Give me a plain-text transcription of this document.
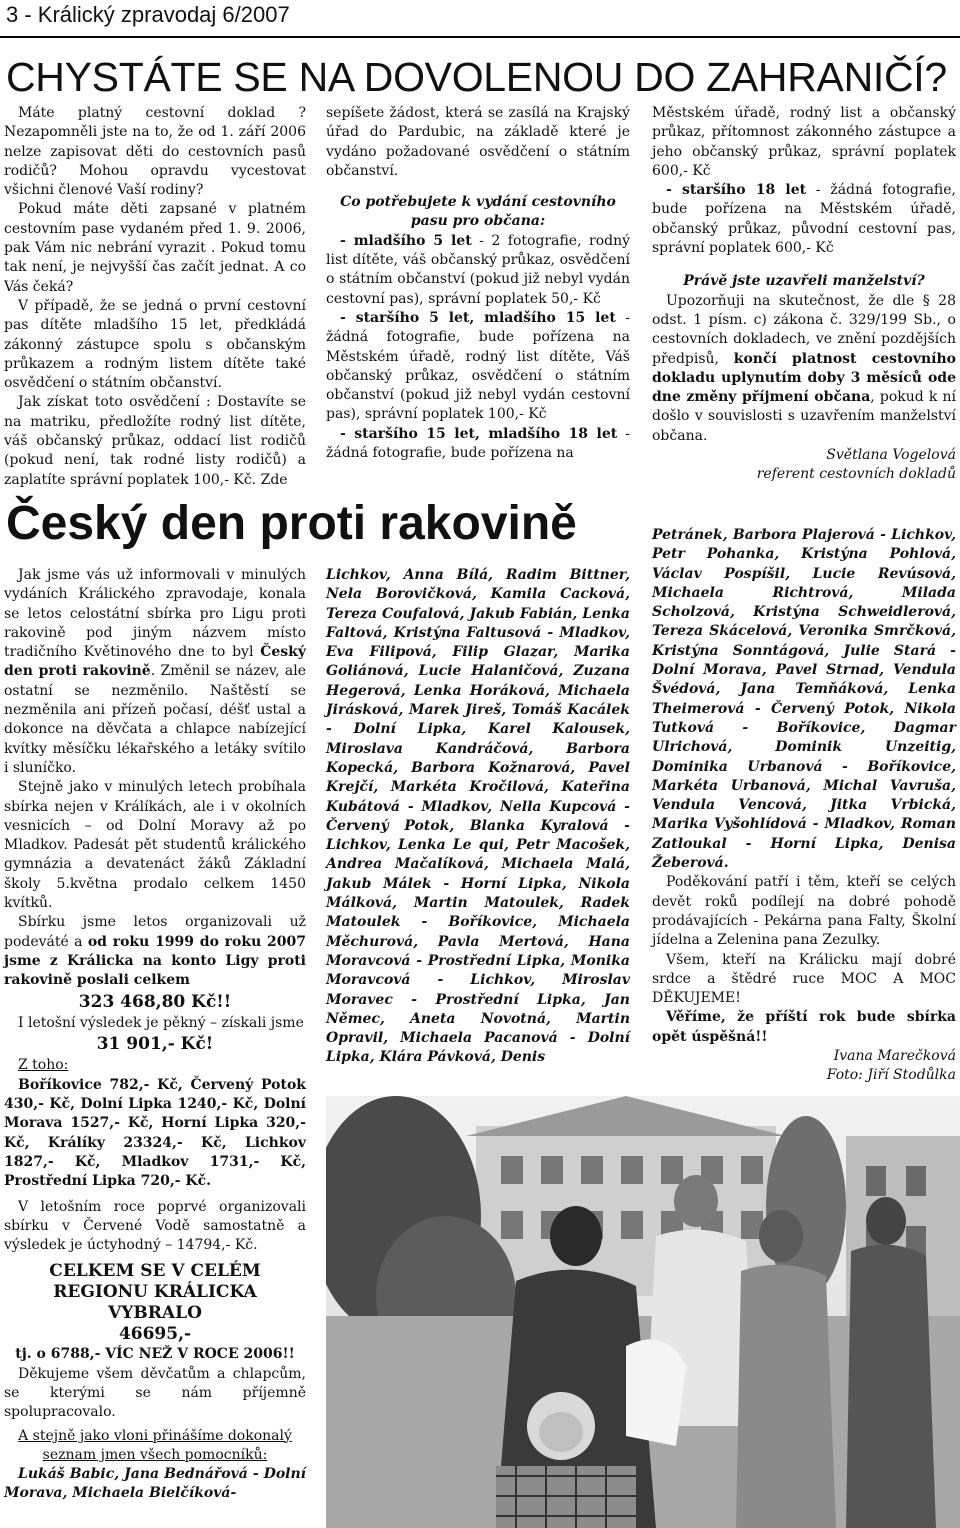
3 - Králický zpravodaj 6/2007
CHYSTÁTE SE NA DOVOLENOU DO ZAHRANIČÍ?

Máte platný cestovní doklad ? Nezapomněli jste na to, že od 1. září 2006 nelze zapisovat děti do cestovních pasů rodičů? Mohou opravdu vycestovat všichni členové Vaší rodiny?

Pokud máte děti zapsané v platném cestovním pase vydaném před 1. 9. 2006, pak Vám nic nebrání vyrazit . Pokud tomu tak není, je nejvyšší čas začít jednat. A co Vás čeká?

V případě, že se jedná o první cestovní pas dítěte mladšího 15 let, předkládá zákonný zástupce spolu s občanským průkazem a rodným listem dítěte také osvědčení o státním občanství.

Jak získat toto osvědčení : Dostavíte se na matriku, předložíte rodný list dítěte, váš občanský průkaz, oddací list rodičů (pokud není, tak rodné listy rodičů) a zaplatíte správní poplatek 100,- Kč. Zde

sepíšete žádost, která se zasílá na Krajský úřad do Pardubic, na základě které je vydáno požadované osvědčení o státním občanství.

Co potřebujete k vydání cestovního pasu pro občana:

- mladšího 5 let - 2 fotografie, rodný list dítěte, váš občanský průkaz, osvědčení o státním občanství (pokud již nebyl vydán cestovní pas), správní poplatek 50,- Kč

- staršího 5 let, mladšího 15 let - žádná fotografie, bude pořízena na Městském úřadě, rodný list dítěte, Váš občanský průkaz, osvědčení o státním občanství (pokud již nebyl vydán cestovní pas), správní poplatek 100,- Kč

- staršího 15 let, mladšího 18 let - žádná fotografie, bude pořízena na

Městském úřadě, rodný list a občanský průkaz, přítomnost zákonného zástupce a jeho občanský průkaz, správní poplatek 600,- Kč

- staršího 18 let - žádná fotografie, bude pořízena na Městském úřadě, občanský průkaz, původní cestovní pas, správní poplatek 600,- Kč

Právě jste uzavřeli manželství?

Upozorňuji na skutečnost, že dle § 28 odst. 1 písm. c) zákona č. 329/199 Sb., o cestovních dokladech, ve znění pozdějších předpisů, končí platnost cestovního dokladu uplynutím doby 3 měsíců ode dne změny příjmení občana, pokud k ní došlo v souvislosti s uzavřením manželství občana.

Světlana Vogelová

referent cestovních dokladů

Český den proti rakovině

Jak jsme vás už informovali v minulých vydáních Králického zpravodaje, konala se letos celostátní sbírka pro Ligu proti rakovině pod jiným názvem místo tradičního Květinového dne to byl Český den proti rakovině. Změnil se název, ale ostatní se nezměnilo. Naštěstí se nezměnila ani přízeň počasí, déšť ustal a dokonce na děvčata a chlapce nabízející kvítky měsíčku lékařského a letáky svítilo i sluníčko.

Stejně jako v minulých letech probíhala sbírka nejen v Králíkách, ale i v okolních vesnicích – od Dolní Moravy až po Mladkov. Padesát pět studentů králického gymnázia a devatenáct žáků Základní školy 5.května prodalo celkem 1450 kvítků.

Sbírku jsme letos organizovali už podeváté a od roku 1999 do roku 2007 jsme z Králicka na konto Ligy proti rakovině poslali celkem

323 468,80 Kč!!

I letošní výsledek je pěkný – získali jsme

31 901,- Kč!

Z toho:

Boříkovice 782,- Kč, Červený Potok 430,- Kč, Dolní Lipka 1240,- Kč, Dolní Morava 1527,- Kč, Horní Lipka 320,- Kč, Králíky 23324,- Kč, Lichkov 1827,- Kč, Mladkov 1731,- Kč, Prostřední Lipka 720,- Kč.

V letošním roce poprvé organizovali sbírku v Červené Vodě samostatně a výsledek je úctyhodný – 14794,- Kč.

CELKEM SE V CELÉM REGIONU KRÁLICKA VYBRALO

46695,-

tj. o 6788,- VÍC NEŽ V ROCE 2006!!

Děkujeme všem děvčatům a chlapcům, se kterými se nám příjemně spolupracovalo.

A stejně jako vloni přinášíme dokonalý seznam jmen všech pomocníků:

Lukáš Babic, Jana Bednářová - Dolní Morava, Michaela Bielčíková-

Lichkov, Anna Bílá, Radim Bittner, Nela Borovičková, Kamila Cacková, Tereza Coufalová, Jakub Fabián, Lenka Faltová, Kristýna Faltusová - Mladkov, Eva Filipová, Filip Glazar, Marika Goliánová, Lucie Halaničová, Zuzana Hegerová, Lenka Horáková, Michaela Jirásková, Marek Jireš, Tomáš Kacálek - Dolní Lipka, Karel Kalousek, Miroslava Kandráčová, Barbora Kopecká, Barbora Kožnarová, Pavel Krejčí, Markéta Kročilová, Kateřina Kubátová - Mladkov, Nella Kupcová - Červený Potok, Blanka Kyralová - Lichkov, Lenka Le qui, Petr Macošek, Andrea Mačalíková, Michaela Malá, Jakub Málek - Horní Lipka, Nikola Málková, Martin Matoulek, Radek Matoulek - Boříkovice, Michaela Měchurová, Pavla Mertová, Hana Moravcová - Prostřední Lipka, Monika Moravcová - Lichkov, Miroslav Moravec - Prostřední Lipka, Jan Němec, Aneta Novotná, Martin Opravil, Michaela Pacanová - Dolní Lipka, Klára Pávková, Denis

Petránek, Barbora Plajerová - Lichkov, Petr Pohanka, Kristýna Pohlová, Václav Pospíšil, Lucie Revúsová, Michaela Richtrová, Milada Scholzová, Kristýna Schweidlerová, Tereza Skácelová, Veronika Smrčková, Kristýna Sonntágová, Julie Stará - Dolní Morava, Pavel Strnad, Vendula Švédová, Jana Temňáková, Lenka Theimerová - Červený Potok, Nikola Tutková - Boříkovice, Dagmar Ulrichová, Dominik Unzeitig, Dominika Urbanová - Boříkovice, Markéta Urbanová, Michal Vavruša, Vendula Vencová, Jitka Vrbická, Marika Vyšohlídová - Mladkov, Roman Zatloukal - Horní Lipka, Denisa Žeberová.

Poděkování patří i těm, kteří se celých devět roků podílejí na dobré pohodě prodávajících - Pekárna pana Falty, Školní jídelna a Zelenina pana Zezulky.

Všem, kteří na Králicku mají dobré srdce a štědré ruce MOC A MOC DĚKUJEME!

Věříme, že příští rok bude sbírka opět úspěšná!!

Ivana Marečková

Foto: Jiří Stodůlka
